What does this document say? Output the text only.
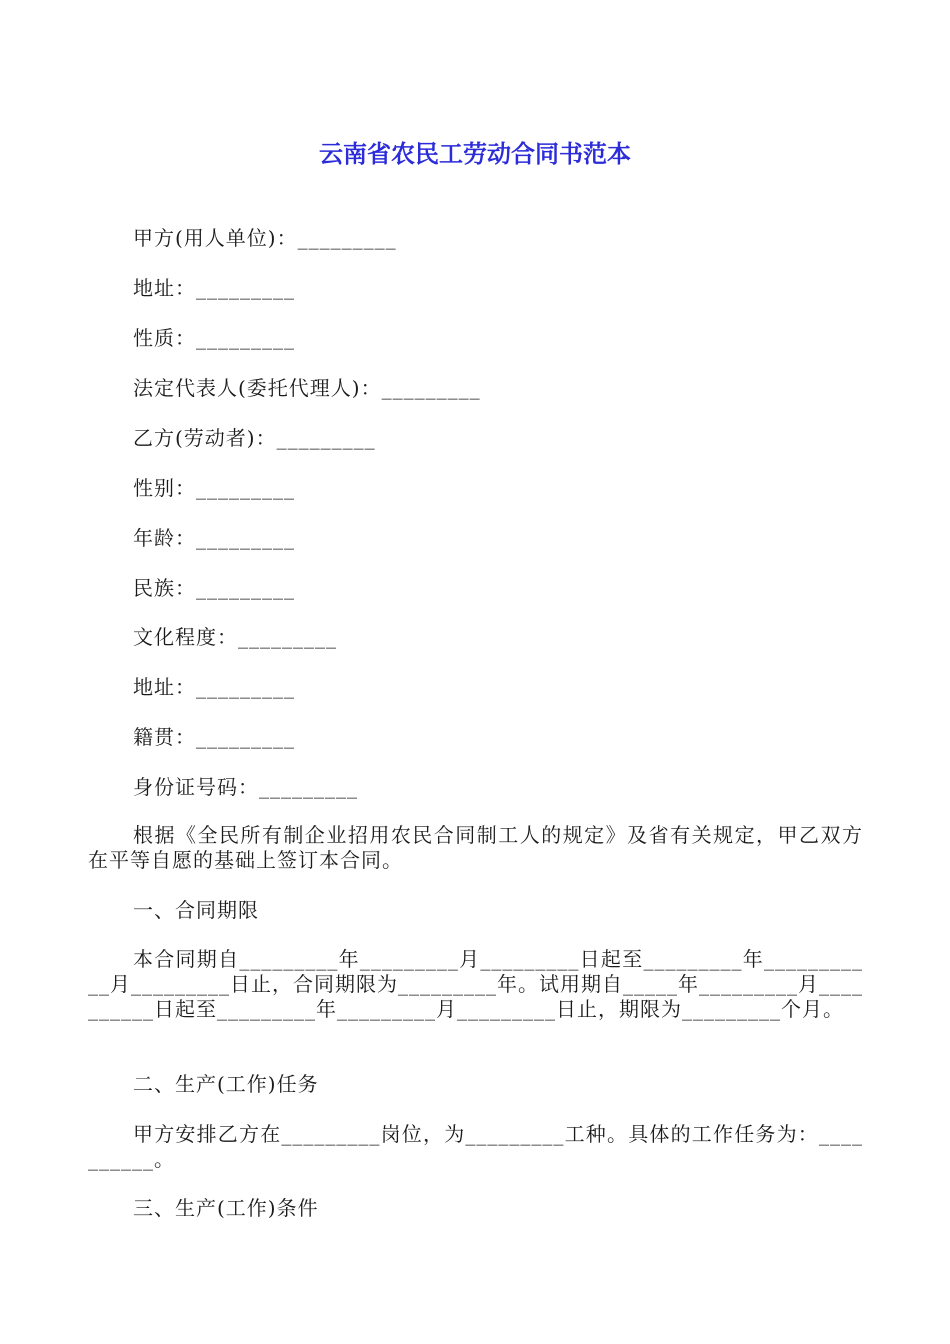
云南省农民工劳动合同书范本
甲方(用人单位)：_________
地址：_________
性质：_________
法定代表人(委托代理人)：_________
乙方(劳动者)：_________
性别：_________
年龄：_________
民族：_________
文化程度：_________
地址：_________
籍贯：_________
身份证号码：_________
根据《全民所有制企业招用农民合同制工人的规定》及省有关规定，甲乙双方在平等自愿的基础上签订本合同。
一、合同期限
本合同期自_________年_________月_________日起至_________年___________月_________日止，合同期限为_________年。试用期自_____年_________月__________日起至_________年_________月_________日止，期限为_________个月。
二、生产(工作)任务
甲方安排乙方在_________岗位，为_________工种。具体的工作任务为：__________。
三、生产(工作)条件
